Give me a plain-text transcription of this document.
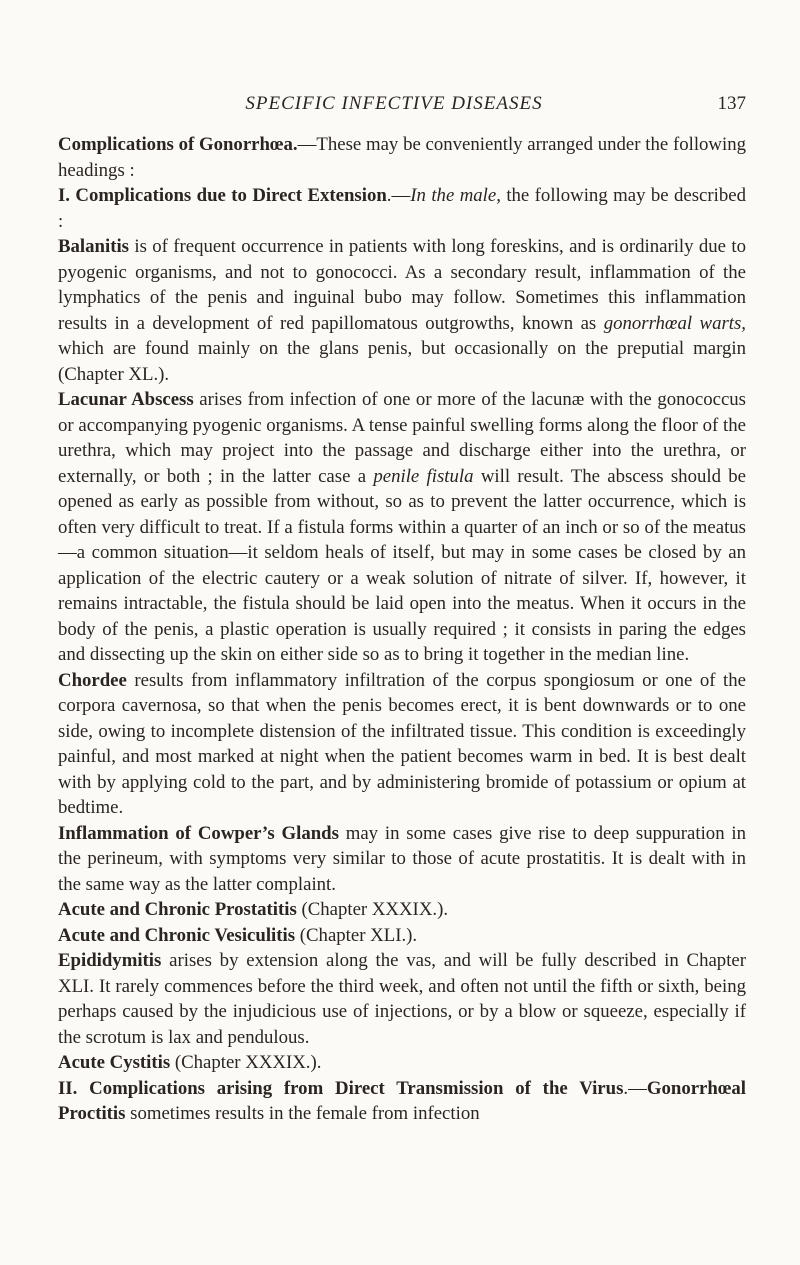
SPECIFIC INFECTIVE DISEASES	137

Complications of Gonorrhœa.—These may be conveniently arranged under the following headings :

I. Complications due to Direct Extension.—In the male, the following may be described :

Balanitis is of frequent occurrence in patients with long foreskins, and is ordinarily due to pyogenic organisms, and not to gonococci. As a secondary result, inflammation of the lymphatics of the penis and inguinal bubo may follow. Sometimes this inflammation results in a development of red papillomatous outgrowths, known as gonorrhœal warts, which are found mainly on the glans penis, but occasionally on the preputial margin (Chapter XL.).

Lacunar Abscess arises from infection of one or more of the lacunæ with the gonococcus or accompanying pyogenic organisms. A tense painful swelling forms along the floor of the urethra, which may project into the passage and discharge either into the urethra, or externally, or both ; in the latter case a penile fistula will result. The abscess should be opened as early as possible from without, so as to prevent the latter occurrence, which is often very difficult to treat. If a fistula forms within a quarter of an inch or so of the meatus—a common situation—it seldom heals of itself, but may in some cases be closed by an application of the electric cautery or a weak solution of nitrate of silver. If, however, it remains intractable, the fistula should be laid open into the meatus. When it occurs in the body of the penis, a plastic operation is usually required ; it consists in paring the edges and dissecting up the skin on either side so as to bring it together in the median line.

Chordee results from inflammatory infiltration of the corpus spongiosum or one of the corpora cavernosa, so that when the penis becomes erect, it is bent downwards or to one side, owing to incomplete distension of the infiltrated tissue. This condition is exceedingly painful, and most marked at night when the patient becomes warm in bed. It is best dealt with by applying cold to the part, and by administering bromide of potassium or opium at bedtime.

Inflammation of Cowper’s Glands may in some cases give rise to deep suppuration in the perineum, with symptoms very similar to those of acute prostatitis. It is dealt with in the same way as the latter complaint.

Acute and Chronic Prostatitis (Chapter XXXIX.).

Acute and Chronic Vesiculitis (Chapter XLI.).

Epididymitis arises by extension along the vas, and will be fully described in Chapter XLI. It rarely commences before the third week, and often not until the fifth or sixth, being perhaps caused by the injudicious use of injections, or by a blow or squeeze, especially if the scrotum is lax and pendulous.

Acute Cystitis (Chapter XXXIX.).

II. Complications arising from Direct Transmission of the Virus.—Gonorrhœal Proctitis sometimes results in the female from infection
